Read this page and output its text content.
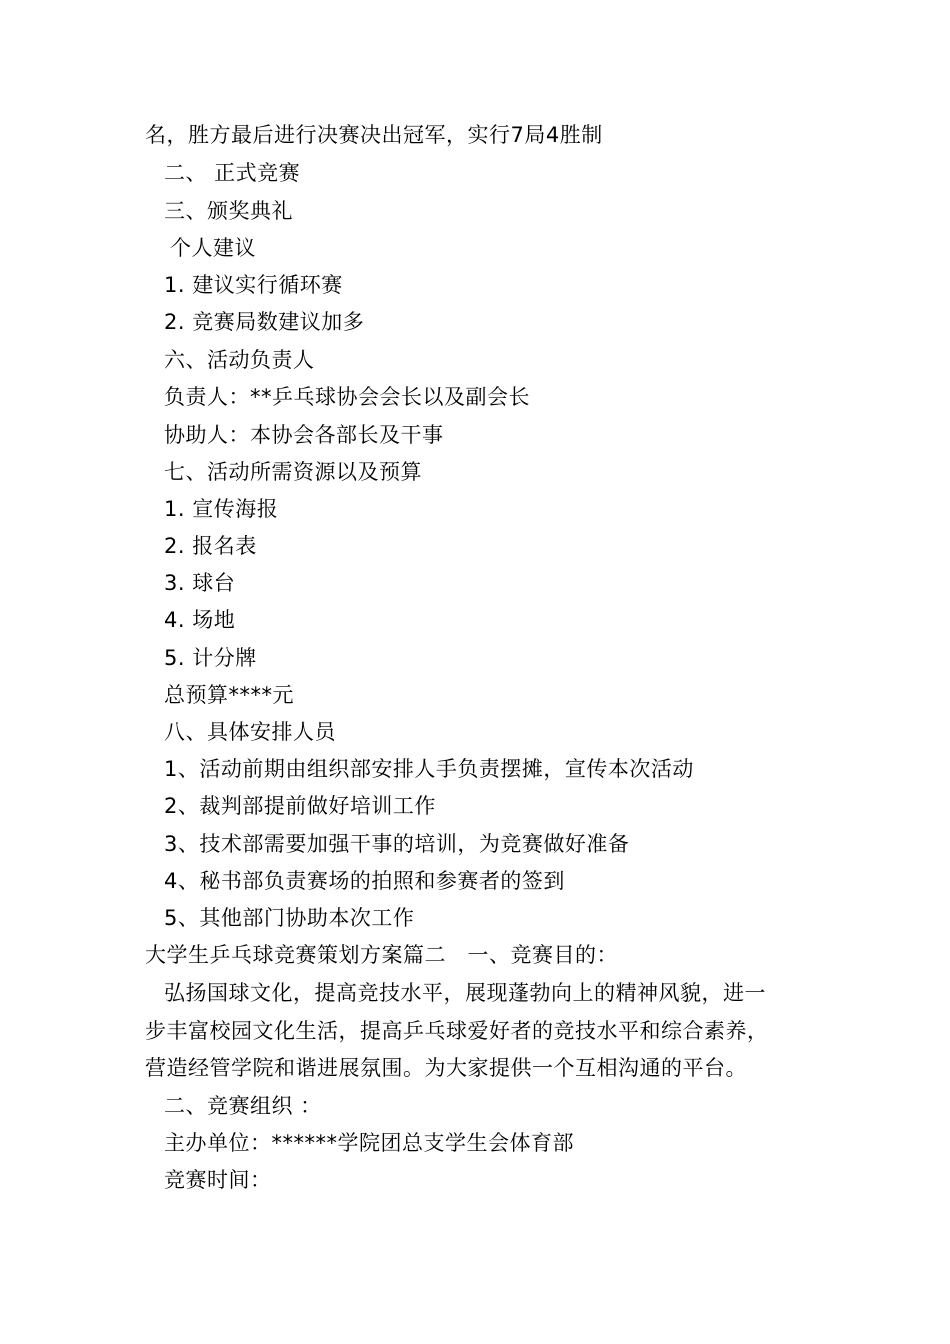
名，胜方最后进行决赛决出冠军，实行7局4胜制
二、 正式竞赛
三、颁奖典礼
个人建议
1. 建议实行循环赛
2. 竞赛局数建议加多
六、活动负责人
负责人：**乒乓球协会会长以及副会长
协助人：本协会各部长及干事
七、活动所需资源以及预算
1. 宣传海报
2. 报名表
3. 球台
4. 场地
5. 计分牌
总预算****元
八、具体安排人员
1、活动前期由组织部安排人手负责摆摊，宣传本次活动
2、裁判部提前做好培训工作
3、技术部需要加强干事的培训，为竞赛做好准备
4、秘书部负责赛场的拍照和参赛者的签到
5、其他部门协助本次工作
大学生乒乓球竞赛策划方案篇二　一、竞赛目的：
弘扬国球文化，提高竞技水平，展现蓬勃向上的精神风貌，进一
步丰富校园文化生活，提高乒乓球爱好者的竞技水平和综合素养，
营造经管学院和谐进展氛围。为大家提供一个互相沟通的平台。
二、竞赛组织 ：
主办单位：******学院团总支学生会体育部
竞赛时间：
